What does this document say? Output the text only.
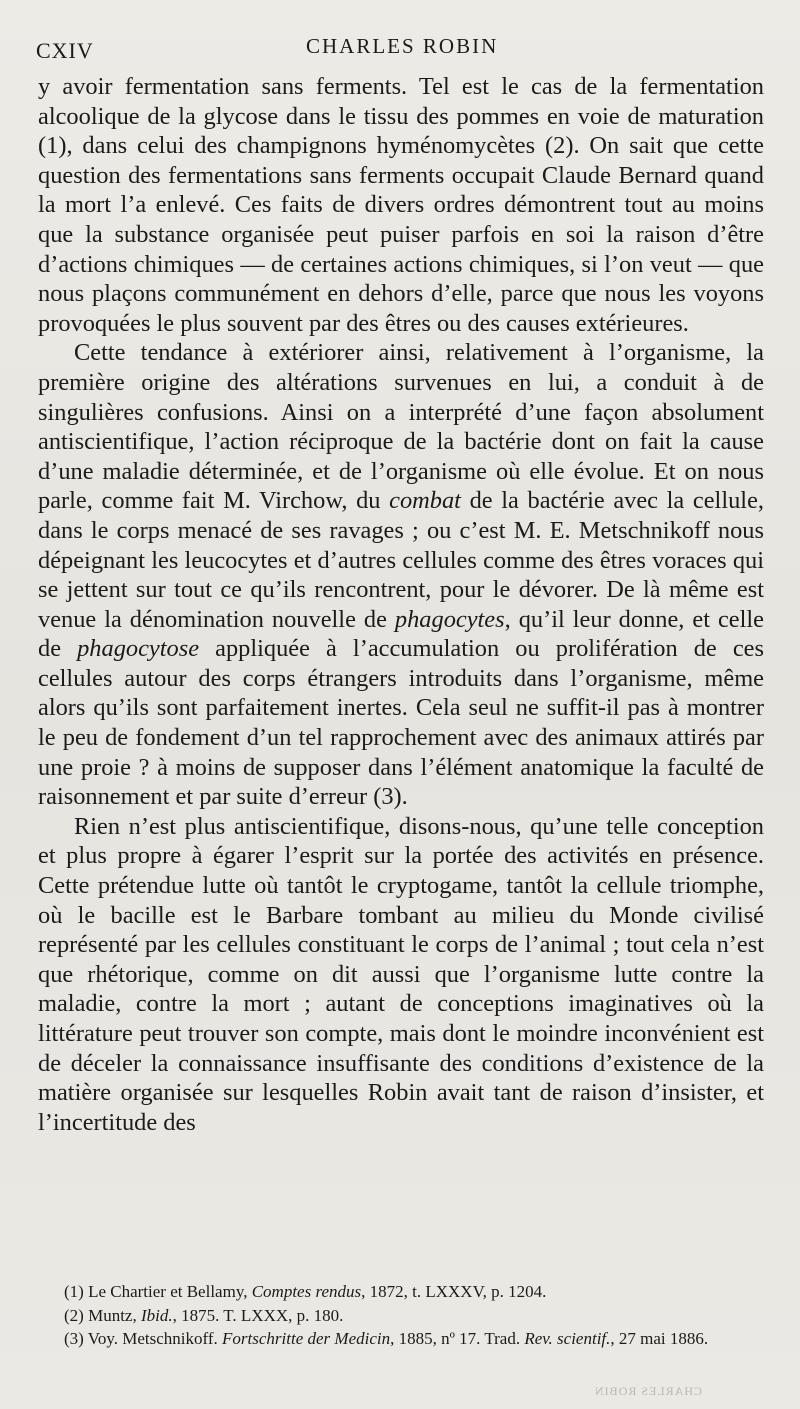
CXIV	CHARLES ROBIN

y avoir fermentation sans ferments. Tel est le cas de la fermentation alcoolique de la glycose dans le tissu des pommes en voie de maturation (1), dans celui des champignons hyménomycètes (2). On sait que cette question des fermentations sans ferments occupait Claude Bernard quand la mort l’a enlevé. Ces faits de divers ordres démontrent tout au moins que la substance organisée peut puiser parfois en soi la raison d’être d’actions chimiques — de certaines actions chimiques, si l’on veut — que nous plaçons communément en dehors d’elle, parce que nous les voyons provoquées le plus souvent par des êtres ou des causes extérieures.

Cette tendance à extériorer ainsi, relativement à l’organisme, la première origine des altérations survenues en lui, a conduit à de singulières confusions. Ainsi on a interprété d’une façon absolument antiscientifique, l’action réciproque de la bactérie dont on fait la cause d’une maladie déterminée, et de l’organisme où elle évolue. Et on nous parle, comme fait M. Virchow, du combat de la bactérie avec la cellule, dans le corps menacé de ses ravages ; ou c’est M. E. Metschnikoff nous dépeignant les leucocytes et d’autres cellules comme des êtres voraces qui se jettent sur tout ce qu’ils rencontrent, pour le dévorer. De là même est venue la dénomination nouvelle de phagocytes, qu’il leur donne, et celle de phagocytose appliquée à l’accumulation ou prolifération de ces cellules autour des corps étrangers introduits dans l’organisme, même alors qu’ils sont parfaitement inertes. Cela seul ne suffit-il pas à montrer le peu de fondement d’un tel rapprochement avec des animaux attirés par une proie ? à moins de supposer dans l’élément anatomique la faculté de raisonnement et par suite d’erreur (3).

Rien n’est plus antiscientifique, disons-nous, qu’une telle conception et plus propre à égarer l’esprit sur la portée des activités en présence. Cette prétendue lutte où tantôt le cryptogame, tantôt la cellule triomphe, où le bacille est le Barbare tombant au milieu du Monde civilisé représenté par les cellules constituant le corps de l’animal ; tout cela n’est que rhétorique, comme on dit aussi que l’organisme lutte contre la maladie, contre la mort ; autant de conceptions imaginatives où la littérature peut trouver son compte, mais dont le moindre inconvénient est de déceler la connaissance insuffisante des conditions d’existence de la matière organisée sur lesquelles Robin avait tant de raison d’insister, et l’incertitude des

(1) Le Chartier et Bellamy, Comptes rendus, 1872, t. LXXXV, p. 1204.

(2) Muntz, Ibid., 1875. T. LXXX, p. 180.

(3) Voy. Metschnikoff. Fortschritte der Medicin, 1885, nº 17. Trad. Rev. scientif., 27 mai 1886.

CHARLES ROBIN
